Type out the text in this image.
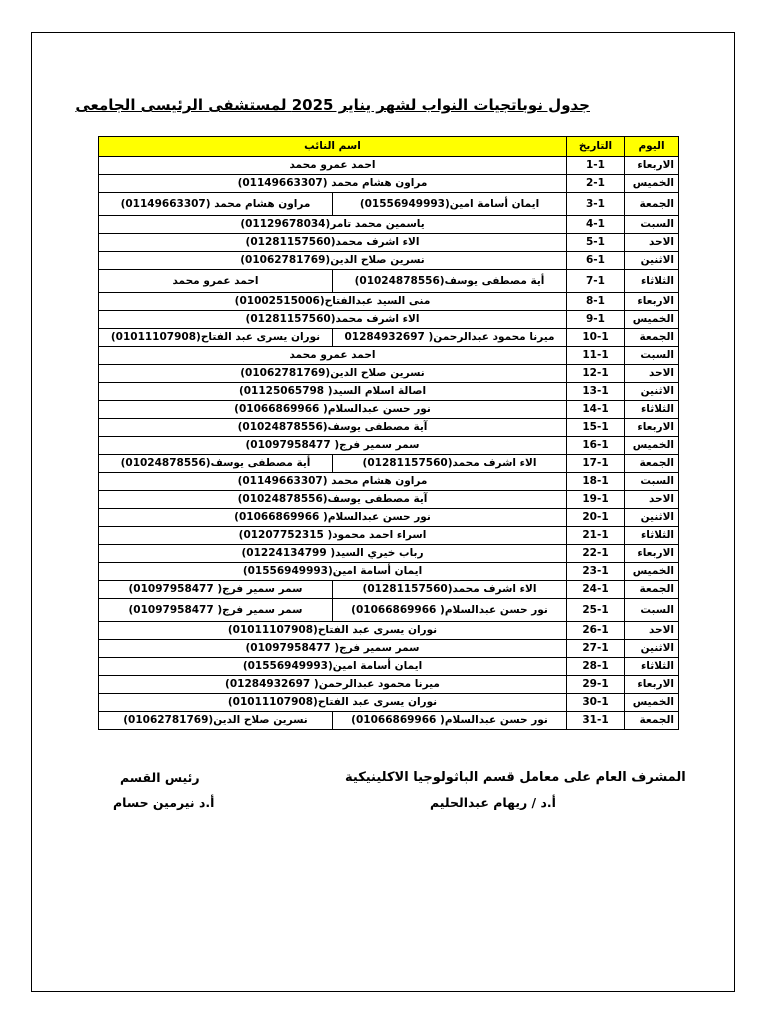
جدول نوباتجيات النواب لشهر يناير 2025 لمستشفى الرئيسى الجامعى
اليوم	التاريخ	اسم النائب	
الاربعاء	1-1	احمد عمرو محمد	
الخميس	2-1	مراون هشام محمد (01149663307)	
الجمعة	3-1	ايمان أسامة امين(01556949993)	مراون هشام محمد (01149663307)
السبت	4-1	ياسمين محمد تامر(01129678034)	
الاحد	5-1	الاء اشرف محمد(01281157560)	
الاثنين	6-1	نسرين صلاح الدين(01062781769)	
الثلاثاء	7-1	أية مصطفى يوسف(01024878556)	احمد عمرو محمد
الاربعاء	8-1	منى السيد عبدالفتاح(01002515006)	
الخميس	9-1	الاء اشرف محمد(01281157560)	
الجمعة	10-1	ميرنا محمود عبدالرحمن( 01284932697	نوران يسرى عبد الفتاح(01011107908)
السبت	11-1	احمد عمرو محمد	
الاحد	12-1	نسرين صلاح الدين(01062781769)	
الاثنين	13-1	اصالة اسلام السيد( 01125065798)	
الثلاثاء	14-1	نور حسن عبدالسلام( 01066869966)	
الاربعاء	15-1	آية مصطفى يوسف(01024878556)	
الخميس	16-1	سمر سمير فرج( 01097958477)	
الجمعة	17-1	الاء اشرف محمد(01281157560)	أية مصطفى يوسف(01024878556)
السبت	18-1	مراون هشام محمد (01149663307)	
الاحد	19-1	آية مصطفى يوسف(01024878556)	
الاثنين	20-1	نور حسن عبدالسلام( 01066869966)	
الثلاثاء	21-1	اسراء احمد محمود( 01207752315)	
الاربعاء	22-1	رباب خيري السيد( 01224134799)	
الخميس	23-1	ايمان أسامة امين(01556949993)	
الجمعة	24-1	الاء اشرف محمد(01281157560)	سمر سمير فرج( 01097958477)
السبت	25-1	نور حسن عبدالسلام( 01066869966)	سمر سمير فرج( 01097958477)
الاحد	26-1	نوران يسرى عبد الفتاح(01011107908)	
الاثنين	27-1	سمر سمير فرج( 01097958477)	
الثلاثاء	28-1	ايمان أسامة امين(01556949993)	
الاربعاء	29-1	ميرنا محمود عبدالرحمن( 01284932697)	
الخميس	30-1	نوران يسرى عبد الفتاح(01011107908)	
الجمعة	31-1	نور حسن عبدالسلام( 01066869966)	نسرين صلاح الدين(01062781769)
المشرف العام على معامل قسم الباثولوجيا الاكلينيكية
أ.د / ريهام عبدالحليم
رئيس القسم
أ.د نيرمين حسام
